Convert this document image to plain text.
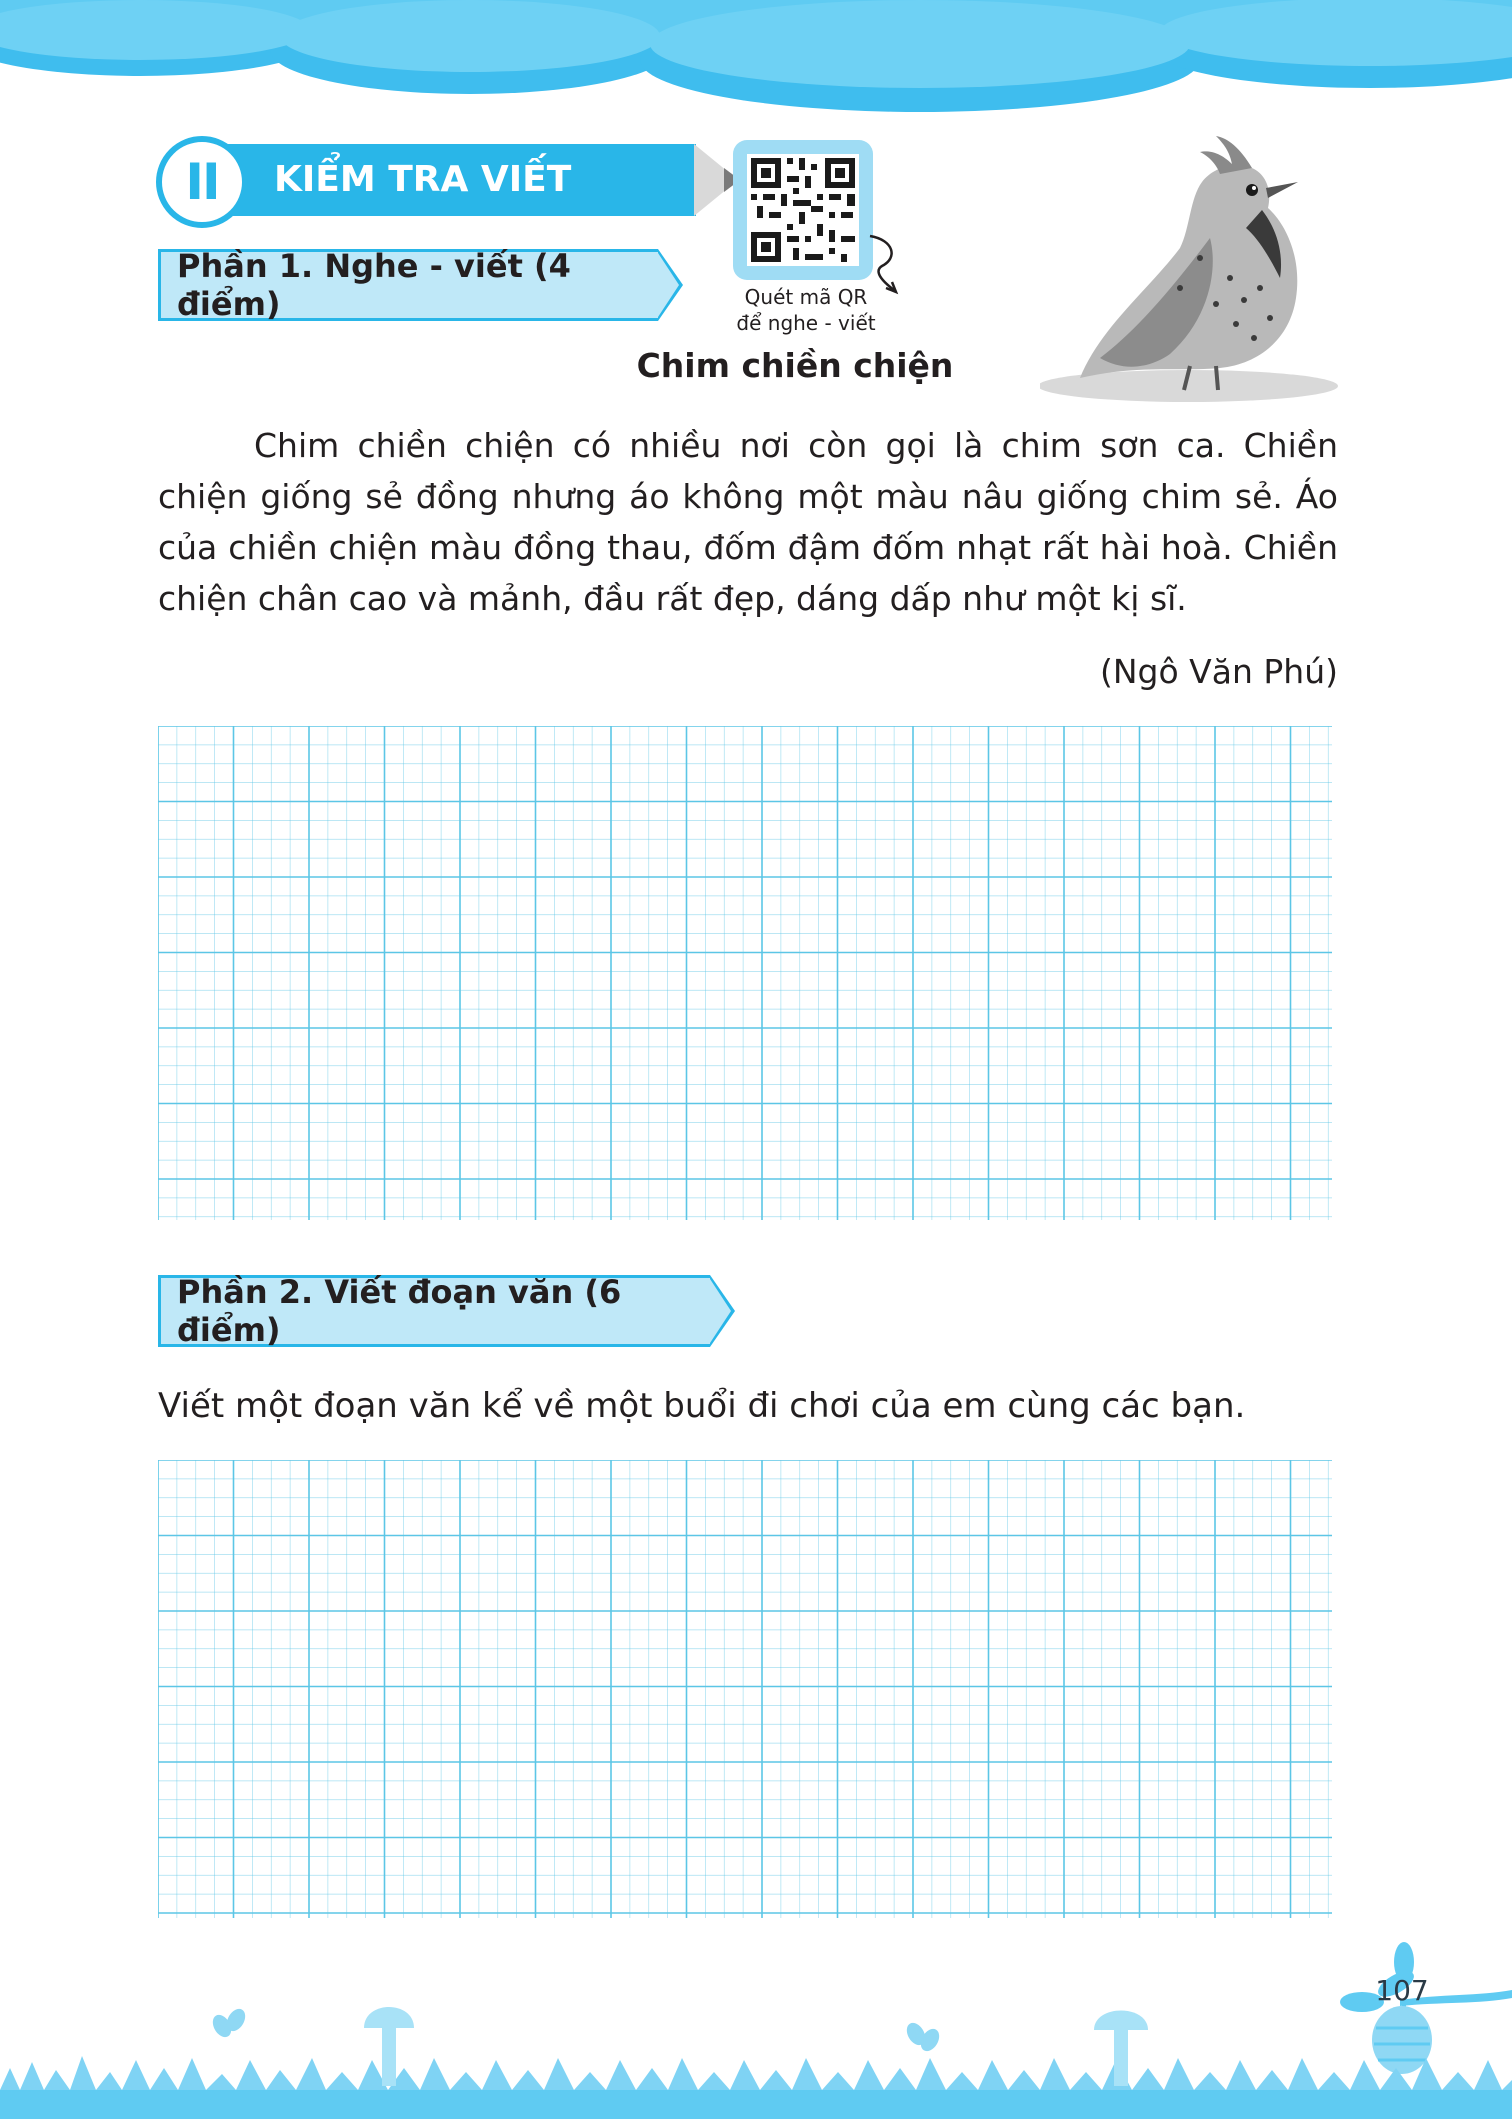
II KIỂM TRA VIẾT
Phần 1. Nghe - viết (4 điểm)	Quét mã QR
để nghe - viết
Chim chiền chiện
Chim chiền chiện có nhiều nơi còn gọi là chim sơn ca. Chiền chiện giống sẻ đồng nhưng áo không một màu nâu giống chim sẻ. Áo của chiền chiện màu đồng thau, đốm đậm đốm nhạt rất hài hoà. Chiền chiện chân cao và mảnh, đầu rất đẹp, dáng dấp như một kị sĩ.
(Ngô Văn Phú)
Phần 2. Viết đoạn văn (6 điểm)
Viết một đoạn văn kể về một buổi đi chơi của em cùng các bạn.
107
